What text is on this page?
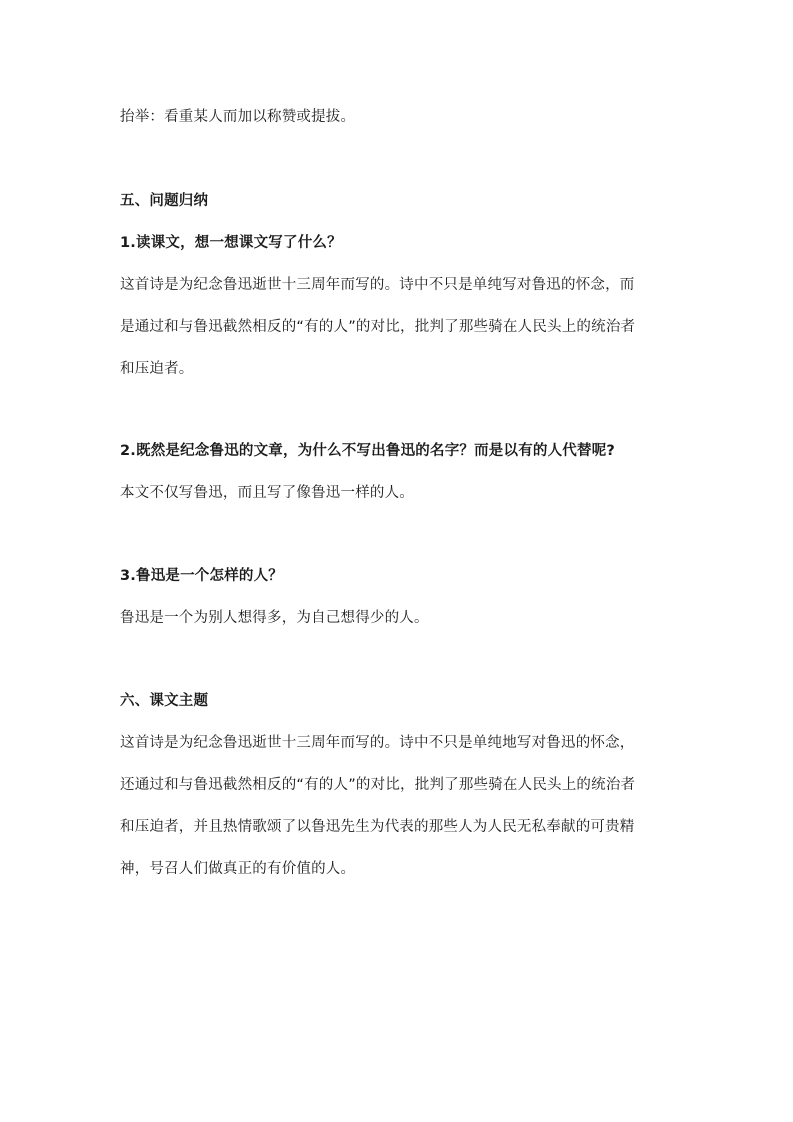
抬举：看重某人而加以称赞或提拔。
五、问题归纳
1.读课文，想一想课文写了什么？
这首诗是为纪念鲁迅逝世十三周年而写的。诗中不只是单纯写对鲁迅的怀念，而
是通过和与鲁迅截然相反的“有的人”的对比，批判了那些骑在人民头上的统治者
和压迫者。
2.既然是纪念鲁迅的文章，为什么不写出鲁迅的名字？而是以有的人代替呢?
本文不仅写鲁迅，而且写了像鲁迅一样的人。
3.鲁迅是一个怎样的人？
鲁迅是一个为别人想得多，为自己想得少的人。
六、课文主题
这首诗是为纪念鲁迅逝世十三周年而写的。诗中不只是单纯地写对鲁迅的怀念，
还通过和与鲁迅截然相反的“有的人”的对比，批判了那些骑在人民头上的统治者
和压迫者，并且热情歌颂了以鲁迅先生为代表的那些人为人民无私奉献的可贵精
神，号召人们做真正的有价值的人。
